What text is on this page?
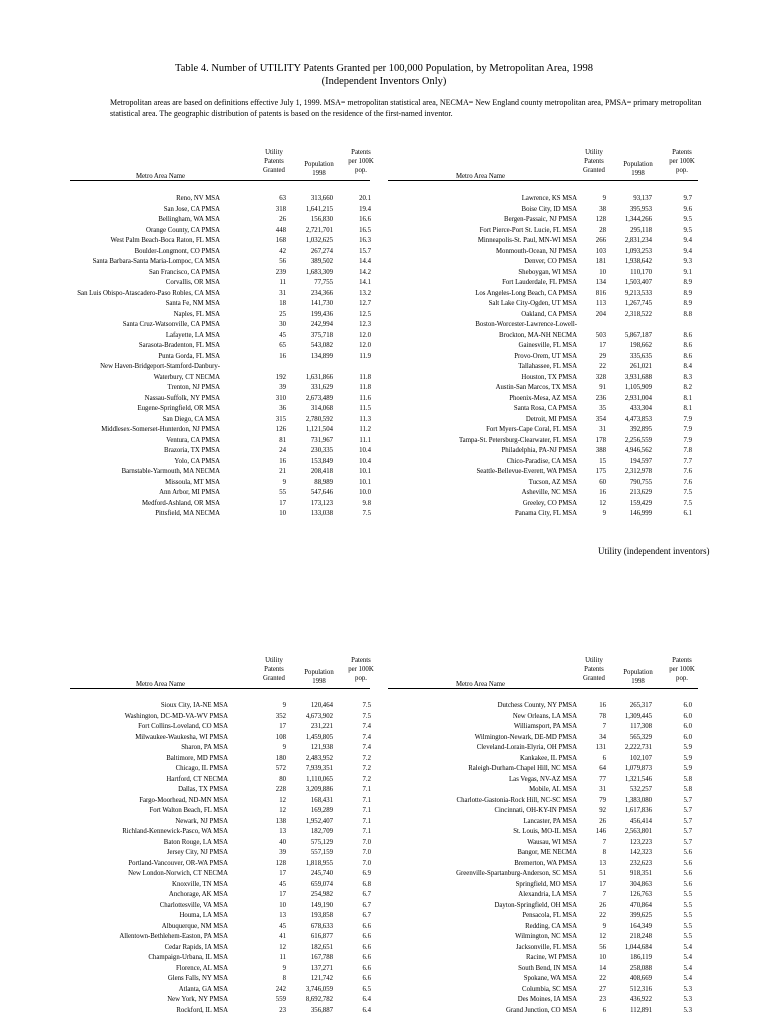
Table 4. Number of UTILITY Patents Granted per 100,000 Population, by Metropolitan Area, 1998
(Independent Inventors Only)
Metropolitan areas are based on definitions effective July 1, 1999. MSA= metropolitan statistical area, NECMA= New England county metropolitan area, PMSA= primary metropolitan statistical area. The geographic distribution of patents is based on the residence of the first-named inventor.
Utility (independent inventors)
Metro Area Name
Utility
Patents
Granted
Population
1998
Patents
per 100K
pop.
Reno, NV MSA	63	313,660	20.1
San Jose, CA PMSA	318	1,641,215	19.4
Bellingham, WA MSA	26	156,830	16.6
Orange County, CA PMSA	448	2,721,701	16.5
West Palm Beach-Boca Raton, FL MSA	168	1,032,625	16.3
Boulder-Longmont, CO PMSA	42	267,274	15.7
Santa Barbara-Santa Maria-Lompoc, CA MSA	56	389,502	14.4
San Francisco, CA PMSA	239	1,683,309	14.2
Corvallis, OR MSA	11	77,755	14.1
San Luis Obispo-Atascadero-Paso Robles, CA MSA	31	234,366	13.2
Santa Fe, NM MSA	18	141,730	12.7
Naples, FL MSA	25	199,436	12.5
Santa Cruz-Watsonville, CA PMSA	30	242,994	12.3
Lafayette, LA MSA	45	375,718	12.0
Sarasota-Bradenton, FL MSA	65	543,082	12.0
Punta Gorda, FL MSA	16	134,899	11.9
New Haven-Bridgeport-Stamford-Danbury-
Waterbury, CT NECMA	192	1,631,866	11.8
Trenton, NJ PMSA	39	331,629	11.8
Nassau-Suffolk, NY PMSA	310	2,673,489	11.6
Eugene-Springfield, OR MSA	36	314,068	11.5
San Diego, CA MSA	315	2,780,592	11.3
Middlesex-Somerset-Hunterdon, NJ PMSA	126	1,121,504	11.2
Ventura, CA PMSA	81	731,967	11.1
Brazoria, TX PMSA	24	230,335	10.4
Yolo, CA PMSA	16	153,849	10.4
Barnstable-Yarmouth, MA NECMA	21	208,418	10.1
Missoula, MT MSA	9	88,989	10.1
Ann Arbor, MI PMSA	55	547,646	10.0
Medford-Ashland, OR MSA	17	173,123	9.8
Pittsfield, MA NECMA	10	133,038	7.5
Metro Area Name
Utility
Patents
Granted
Population
1998
Patents
per 100K
pop.
Lawrence, KS MSA	9	93,137	9.7
Boise City, ID MSA	38	395,953	9.6
Bergen-Passaic, NJ PMSA	128	1,344,266	9.5
Fort Pierce-Port St. Lucie, FL MSA	28	295,118	9.5
Minneapolis-St. Paul, MN-WI MSA	266	2,831,234	9.4
Monmouth-Ocean, NJ PMSA	103	1,093,253	9.4
Denver, CO PMSA	181	1,938,642	9.3
Sheboygan, WI MSA	10	110,170	9.1
Fort Lauderdale, FL PMSA	134	1,503,407	8.9
Los Angeles-Long Beach, CA PMSA	816	9,213,533	8.9
Salt Lake City-Ogden, UT MSA	113	1,267,745	8.9
Oakland, CA PMSA	204	2,318,522	8.8
Boston-Worcester-Lawrence-Lowell-
Brockton, MA-NH NECMA	503	5,867,187	8.6
Gainesville, FL MSA	17	198,662	8.6
Provo-Orem, UT MSA	29	335,635	8.6
Tallahassee, FL MSA	22	261,021	8.4
Houston, TX PMSA	328	3,931,688	8.3
Austin-San Marcos, TX MSA	91	1,105,909	8.2
Phoenix-Mesa, AZ MSA	236	2,931,004	8.1
Santa Rosa, CA PMSA	35	433,304	8.1
Detroit, MI PMSA	354	4,473,853	7.9
Fort Myers-Cape Coral, FL MSA	31	392,895	7.9
Tampa-St. Petersburg-Clearwater, FL MSA	178	2,256,559	7.9
Philadelphia, PA-NJ PMSA	388	4,946,562	7.8
Chico-Paradise, CA MSA	15	194,597	7.7
Seattle-Bellevue-Everett, WA PMSA	175	2,312,978	7.6
Tucson, AZ MSA	60	790,755	7.6
Asheville, NC MSA	16	213,629	7.5
Greeley, CO PMSA	12	159,429	7.5
Panama City, FL MSA	9	146,999	6.1
Metro Area Name
Utility
Patents
Granted
Population
1998
Patents
per 100K
pop.
Sioux City, IA-NE MSA	9	120,464	7.5
Washington, DC-MD-VA-WV PMSA	352	4,673,902	7.5
Fort Collins-Loveland, CO MSA	17	231,221	7.4
Milwaukee-Waukesha, WI PMSA	108	1,459,805	7.4
Sharon, PA MSA	9	121,938	7.4
Baltimore, MD PMSA	180	2,483,952	7.2
Chicago, IL PMSA	572	7,939,351	7.2
Hartford, CT NECMA	80	1,110,065	7.2
Dallas, TX PMSA	228	3,209,886	7.1
Fargo-Moorhead, ND-MN MSA	12	168,431	7.1
Fort Walton Beach, FL MSA	12	169,289	7.1
Newark, NJ PMSA	138	1,952,407	7.1
Richland-Kennewick-Pasco, WA MSA	13	182,709	7.1
Baton Rouge, LA MSA	40	575,129	7.0
Jersey City, NJ PMSA	39	557,159	7.0
Portland-Vancouver, OR-WA PMSA	128	1,818,955	7.0
New London-Norwich, CT NECMA	17	245,740	6.9
Knoxville, TN MSA	45	659,074	6.8
Anchorage, AK MSA	17	254,982	6.7
Charlottesville, VA MSA	10	149,190	6.7
Houma, LA MSA	13	193,858	6.7
Albuquerque, NM MSA	45	678,633	6.6
Allentown-Bethlehem-Easton, PA MSA	41	616,877	6.6
Cedar Rapids, IA MSA	12	182,651	6.6
Champaign-Urbana, IL MSA	11	167,788	6.6
Florence, AL MSA	9	137,271	6.6
Glens Falls, NY MSA	8	121,742	6.6
Atlanta, GA MSA	242	3,746,059	6.5
New York, NY PMSA	559	8,692,782	6.4
Rockford, IL MSA	23	356,887	6.4
Metro Area Name
Utility
Patents
Granted
Population
1998
Patents
per 100K
pop.
Dutchess County, NY PMSA	16	265,317	6.0
New Orleans, LA MSA	78	1,309,445	6.0
Williamsport, PA MSA	7	117,308	6.0
Wilmington-Newark, DE-MD PMSA	34	565,329	6.0
Cleveland-Lorain-Elyria, OH PMSA	131	2,222,731	5.9
Kankakee, IL PMSA	6	102,107	5.9
Raleigh-Durham-Chapel Hill, NC MSA	64	1,079,873	5.9
Las Vegas, NV-AZ MSA	77	1,321,546	5.8
Mobile, AL MSA	31	532,257	5.8
Charlotte-Gastonia-Rock Hill, NC-SC MSA	79	1,383,080	5.7
Cincinnati, OH-KY-IN PMSA	92	1,617,836	5.7
Lancaster, PA MSA	26	456,414	5.7
St. Louis, MO-IL MSA	146	2,563,801	5.7
Wausau, WI MSA	7	123,223	5.7
Bangor, ME NECMA	8	142,323	5.6
Bremerton, WA PMSA	13	232,623	5.6
Greenville-Spartanburg-Anderson, SC MSA	51	918,351	5.6
Springfield, MO MSA	17	304,863	5.6
Alexandria, LA MSA	7	126,763	5.5
Dayton-Springfield, OH MSA	26	470,864	5.5
Pensacola, FL MSA	22	399,625	5.5
Redding, CA MSA	9	164,349	5.5
Wilmington, NC MSA	12	218,248	5.5
Jacksonville, FL MSA	56	1,044,684	5.4
Racine, WI PMSA	10	186,119	5.4
South Bend, IN MSA	14	258,088	5.4
Spokane, WA MSA	22	408,669	5.4
Columbia, SC MSA	27	512,316	5.3
Des Moines, IA MSA	23	436,922	5.3
Grand Junction, CO MSA	6	112,891	5.3
